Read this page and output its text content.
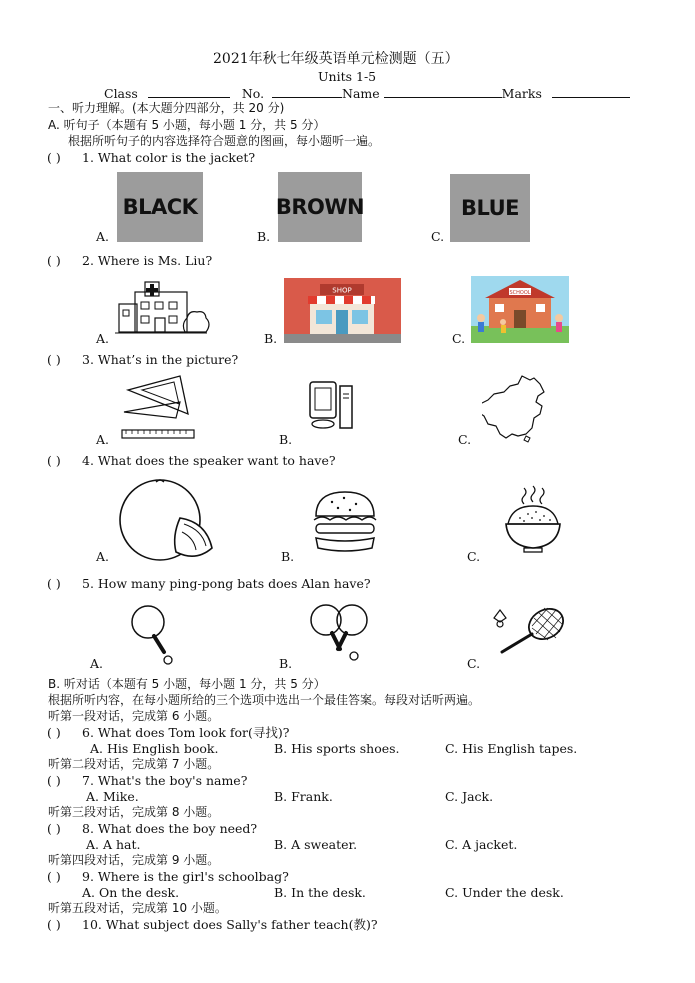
2021年秋七年级英语单元检测题（五）
Units 1-5
Class	No.	Name	Marks
一、听力理解。(本大题分四部分，共 20 分)
A. 听句子（本题有 5 小题，每小题 1 分，共 5 分）
根据所听句子的内容选择符合题意的图画，每小题听一遍。
( ) 1. What color is the jacket?
BLACK	BROWN	BLUE
A.	B.	C.
( ) 2. Where is Ms. Liu?
SHOP	SCHOOL
A.	B.	C.
( ) 3. What’s in the picture?
A.	B.	C.
( ) 4. What does the speaker want to have?
A.	B.	C.
( ) 5. How many ping-pong bats does Alan have?
A.	B.	C.
B. 听对话（本题有 5 小题，每小题 1 分，共 5 分）
根据所听内容，在每小题所给的三个选项中选出一个最佳答案。每段对话听两遍。
听第一段对话，完成第 6 小题。
( ) 6. What does Tom look for(寻找)?
A. His English book.	B. His sports shoes.	C. His English tapes.
听第二段对话，完成第 7 小题。
( ) 7. What's the boy's name?
A. Mike.	B. Frank.	C. Jack.
听第三段对话，完成第 8 小题。
( ) 8. What does the boy need?
A. A hat.	B. A sweater.	C. A jacket.
听第四段对话，完成第 9 小题。
( ) 9. Where is the girl's schoolbag?
A. On the desk.	B. In the desk.	C. Under the desk.
听第五段对话，完成第 10 小题。
( ) 10. What subject does Sally's father teach(教)?
